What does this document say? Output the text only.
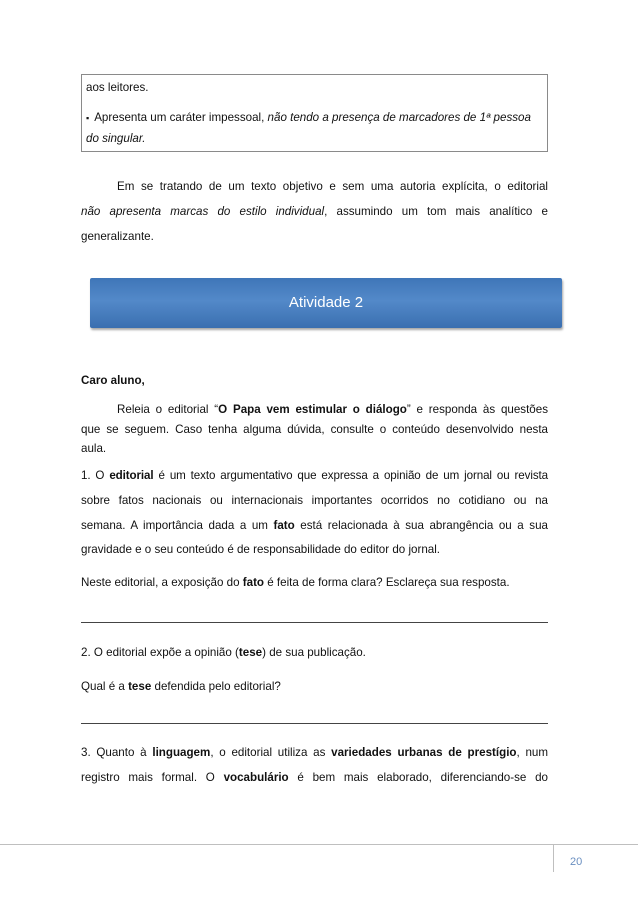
aos leitores.
▪ Apresenta um caráter impessoal, não tendo a presença de marcadores de 1ª pessoa
do singular.
Em se tratando de um texto objetivo e sem uma autoria explícita, o editorial
não apresenta marcas do estilo individual, assumindo um tom mais analítico e
generalizante.
Atividade 2
Caro aluno,
Releia o editorial “O Papa vem estimular o diálogo” e responda às questões
que se seguem. Caso tenha alguma dúvida, consulte o conteúdo desenvolvido nesta
aula.
1. O editorial é um texto argumentativo que expressa a opinião de um jornal ou revista
sobre fatos nacionais ou internacionais importantes ocorridos no cotidiano ou na
semana. A importância dada a um fato está relacionada à sua abrangência ou a sua
gravidade e o seu conteúdo é de responsabilidade do editor do jornal.
Neste editorial, a exposição do fato é feita de forma clara? Esclareça sua resposta.
2. O editorial expõe a opinião (tese) de sua publicação.
Qual é a tese defendida pelo editorial?
3. Quanto à linguagem, o editorial utiliza as variedades urbanas de prestígio, num
registro mais formal. O vocabulário é bem mais elaborado, diferenciando-se do
20
